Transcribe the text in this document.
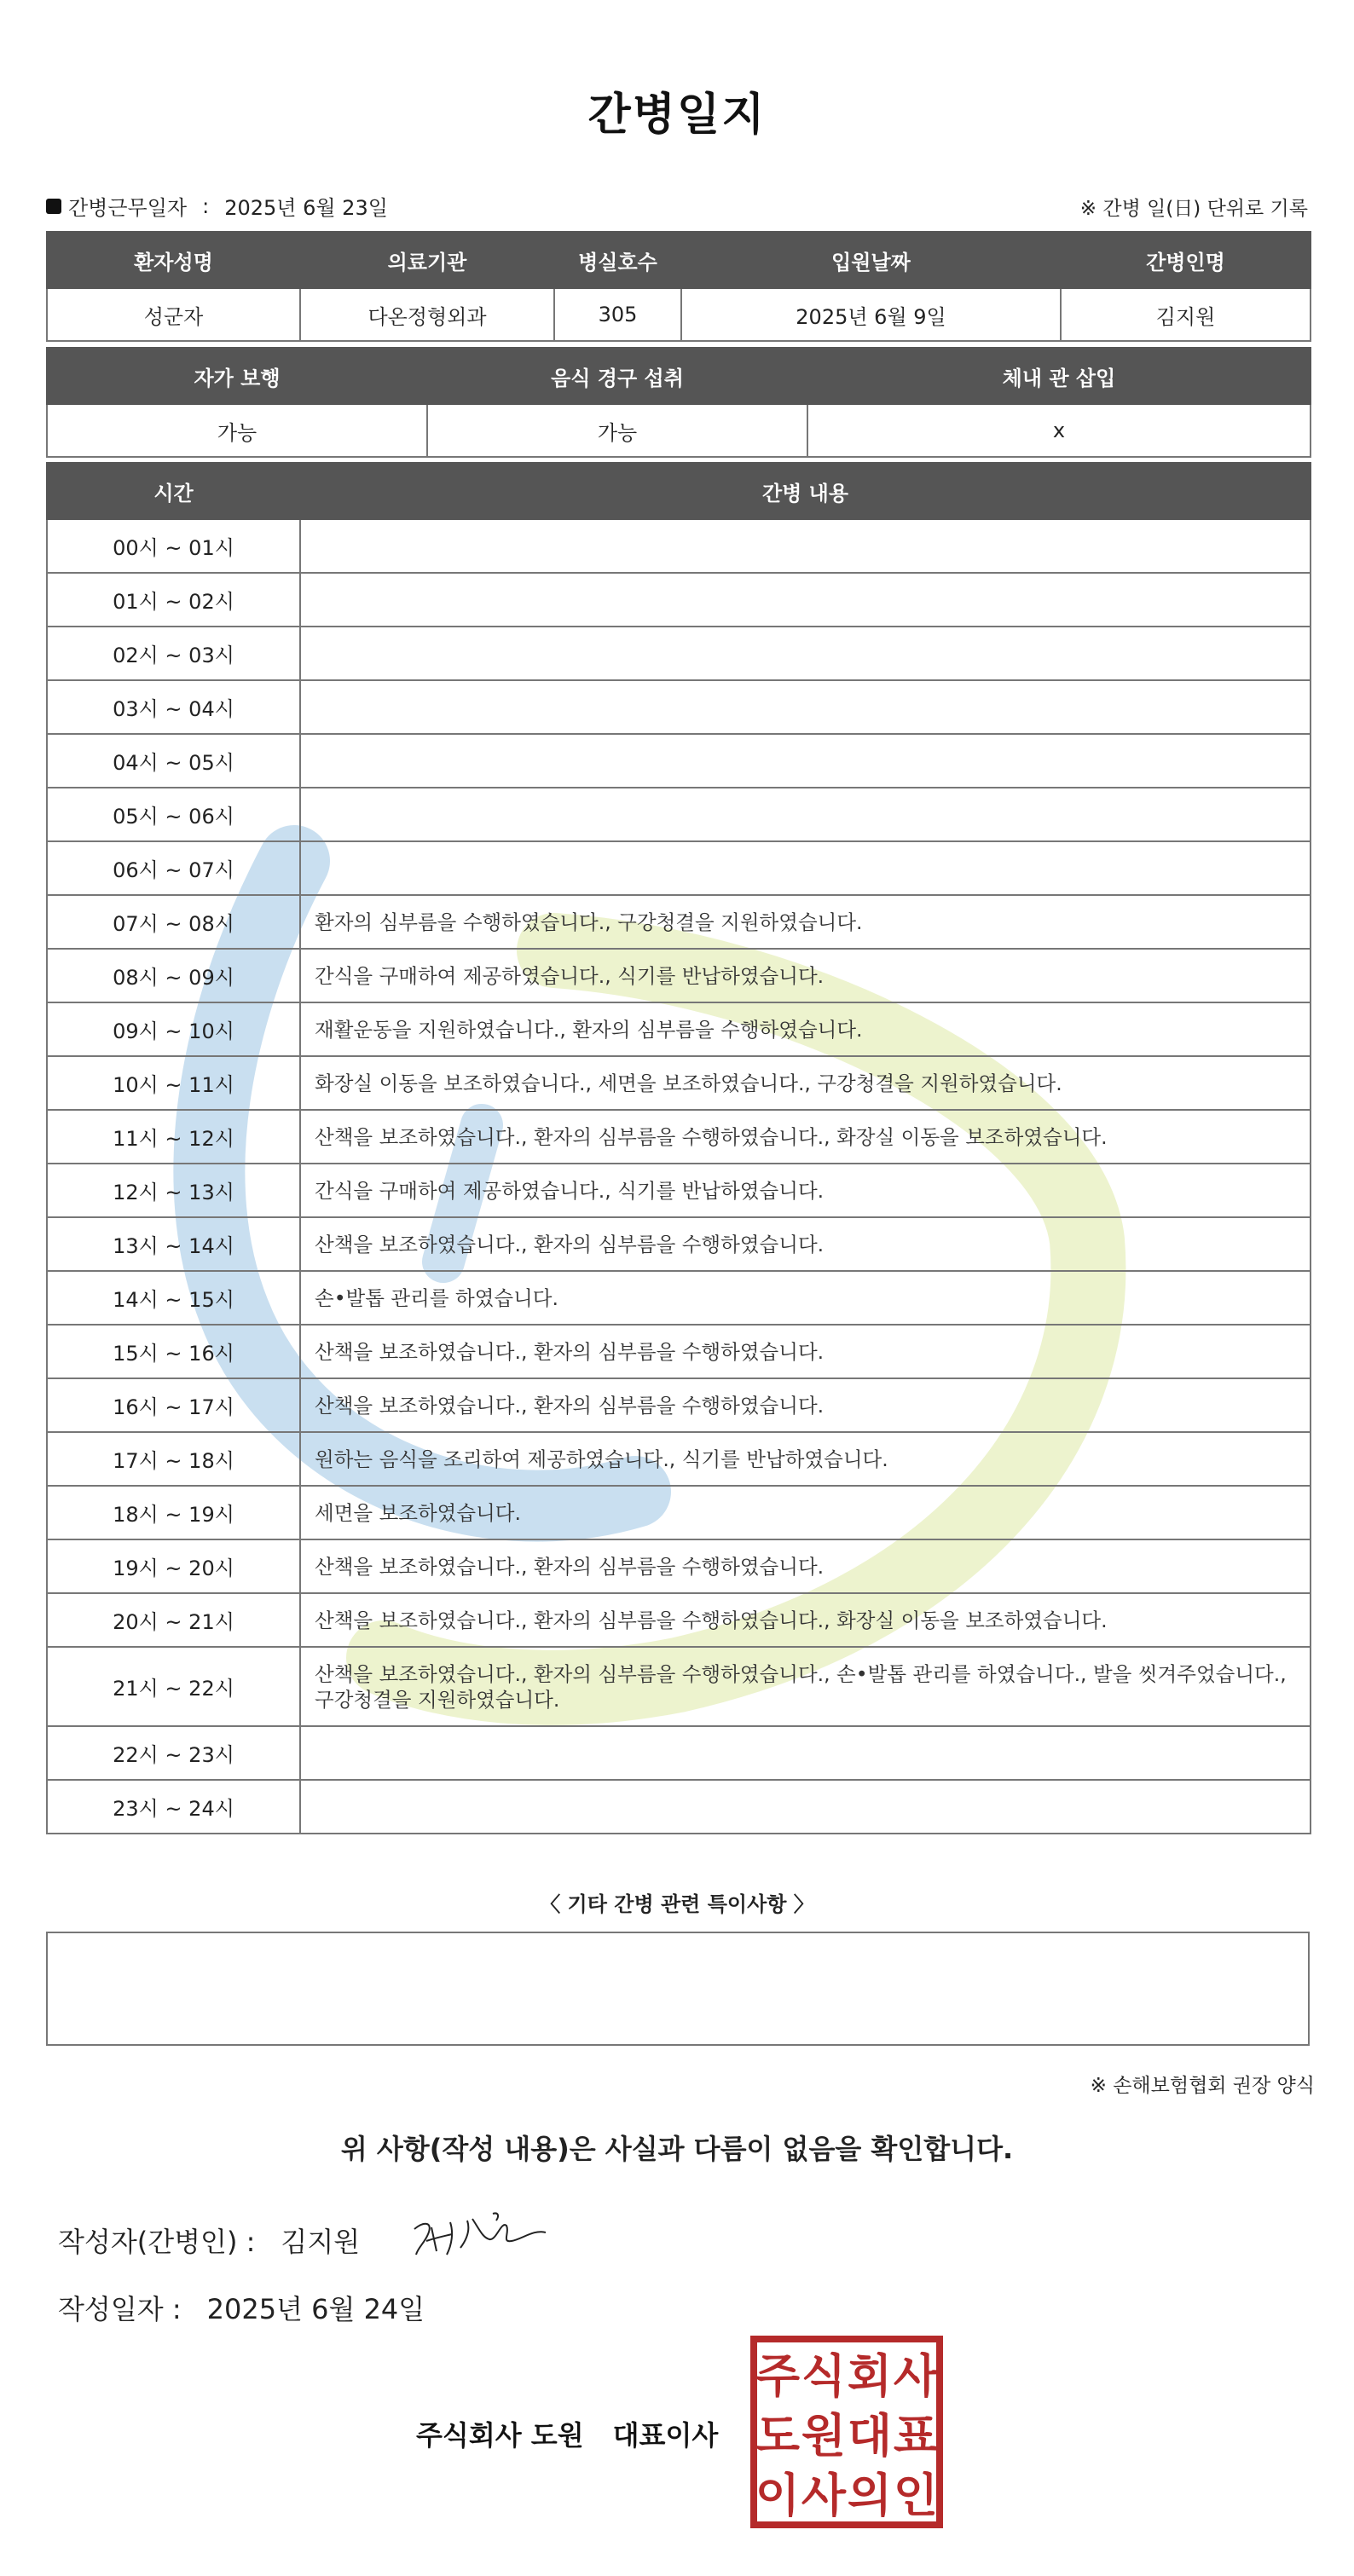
간병일지
간병근무일자 : 2025년 6월 23일	※ 간병 일(日) 단위로 기록
환자성명	의료기관	병실호수	입원날짜	간병인명
성군자	다온정형외과	305	2025년 6월 9일	김지원
자가 보행	음식 경구 섭취	체내 관 삽입
가능	가능	x
시간	간병 내용
00시 ~ 01시	
01시 ~ 02시	
02시 ~ 03시	
03시 ~ 04시	
04시 ~ 05시	
05시 ~ 06시	
06시 ~ 07시	
07시 ~ 08시	환자의 심부름을 수행하였습니다., 구강청결을 지원하였습니다.
08시 ~ 09시	간식을 구매하여 제공하였습니다., 식기를 반납하였습니다.
09시 ~ 10시	재활운동을 지원하였습니다., 환자의 심부름을 수행하였습니다.
10시 ~ 11시	화장실 이동을 보조하였습니다., 세면을 보조하였습니다., 구강청결을 지원하였습니다.
11시 ~ 12시	산책을 보조하였습니다., 환자의 심부름을 수행하였습니다., 화장실 이동을 보조하였습니다.
12시 ~ 13시	간식을 구매하여 제공하였습니다., 식기를 반납하였습니다.
13시 ~ 14시	산책을 보조하였습니다., 환자의 심부름을 수행하였습니다.
14시 ~ 15시	손•발톱 관리를 하였습니다.
15시 ~ 16시	산책을 보조하였습니다., 환자의 심부름을 수행하였습니다.
16시 ~ 17시	산책을 보조하였습니다., 환자의 심부름을 수행하였습니다.
17시 ~ 18시	원하는 음식을 조리하여 제공하였습니다., 식기를 반납하였습니다.
18시 ~ 19시	세면을 보조하였습니다.
19시 ~ 20시	산책을 보조하였습니다., 환자의 심부름을 수행하였습니다.
20시 ~ 21시	산책을 보조하였습니다., 환자의 심부름을 수행하였습니다., 화장실 이동을 보조하였습니다.
21시 ~ 22시	산책을 보조하였습니다., 환자의 심부름을 수행하였습니다., 손•발톱 관리를 하였습니다., 발을 씻겨주었습니다., 구강청결을 지원하였습니다.
22시 ~ 23시	
23시 ~ 24시	
〈 기타 간병 관련 특이사항 〉
※ 손해보험협회 권장 양식
위 사항(작성 내용)은 사실과 다름이 없음을 확인합니다.
작성자(간병인) : 김지원
작성일자 : 2025년 6월 24일
주식회사 도원 대표이사
주 식 회 사
도 원 대 표
이 사 의 인
